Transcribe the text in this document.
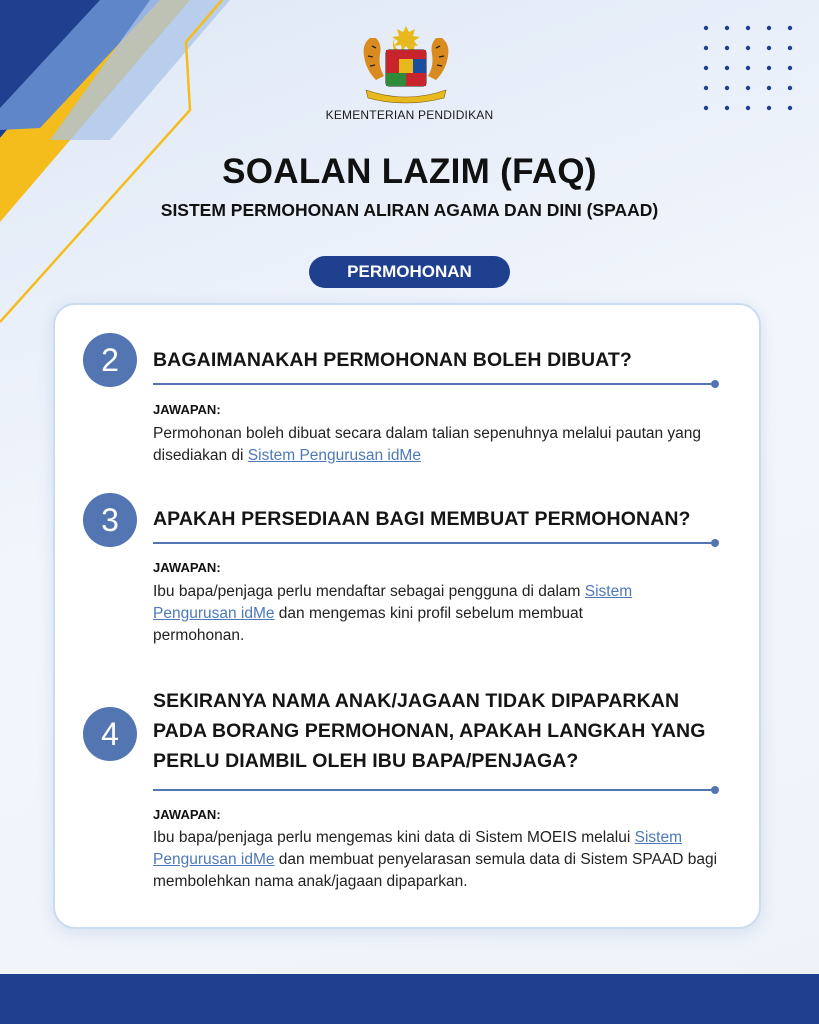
KEMENTERIAN PENDIDIKAN
SOALAN LAZIM (FAQ)
SISTEM PERMOHONAN ALIRAN AGAMA DAN DINI (SPAAD)
PERMOHONAN
2	BAGAIMANAKAH PERMOHONAN BOLEH DIBUAT?
JAWAPAN:
Permohonan boleh dibuat secara dalam talian sepenuhnya melalui pautan yang disediakan di Sistem Pengurusan idMe
3	APAKAH PERSEDIAAN BAGI MEMBUAT PERMOHONAN?
JAWAPAN:
Ibu bapa/penjaga perlu mendaftar sebagai pengguna di dalam Sistem Pengurusan idMe dan mengemas kini profil sebelum membuat permohonan.
4
SEKIRANYA NAMA ANAK/JAGAAN TIDAK DIPAPARKAN PADA BORANG PERMOHONAN, APAKAH LANGKAH YANG PERLU DIAMBIL OLEH IBU BAPA/PENJAGA?
JAWAPAN:
Ibu bapa/penjaga perlu mengemas kini data di Sistem MOEIS melalui Sistem Pengurusan idMe dan membuat penyelarasan semula data di Sistem SPAAD bagi membolehkan nama anak/jagaan dipaparkan.
